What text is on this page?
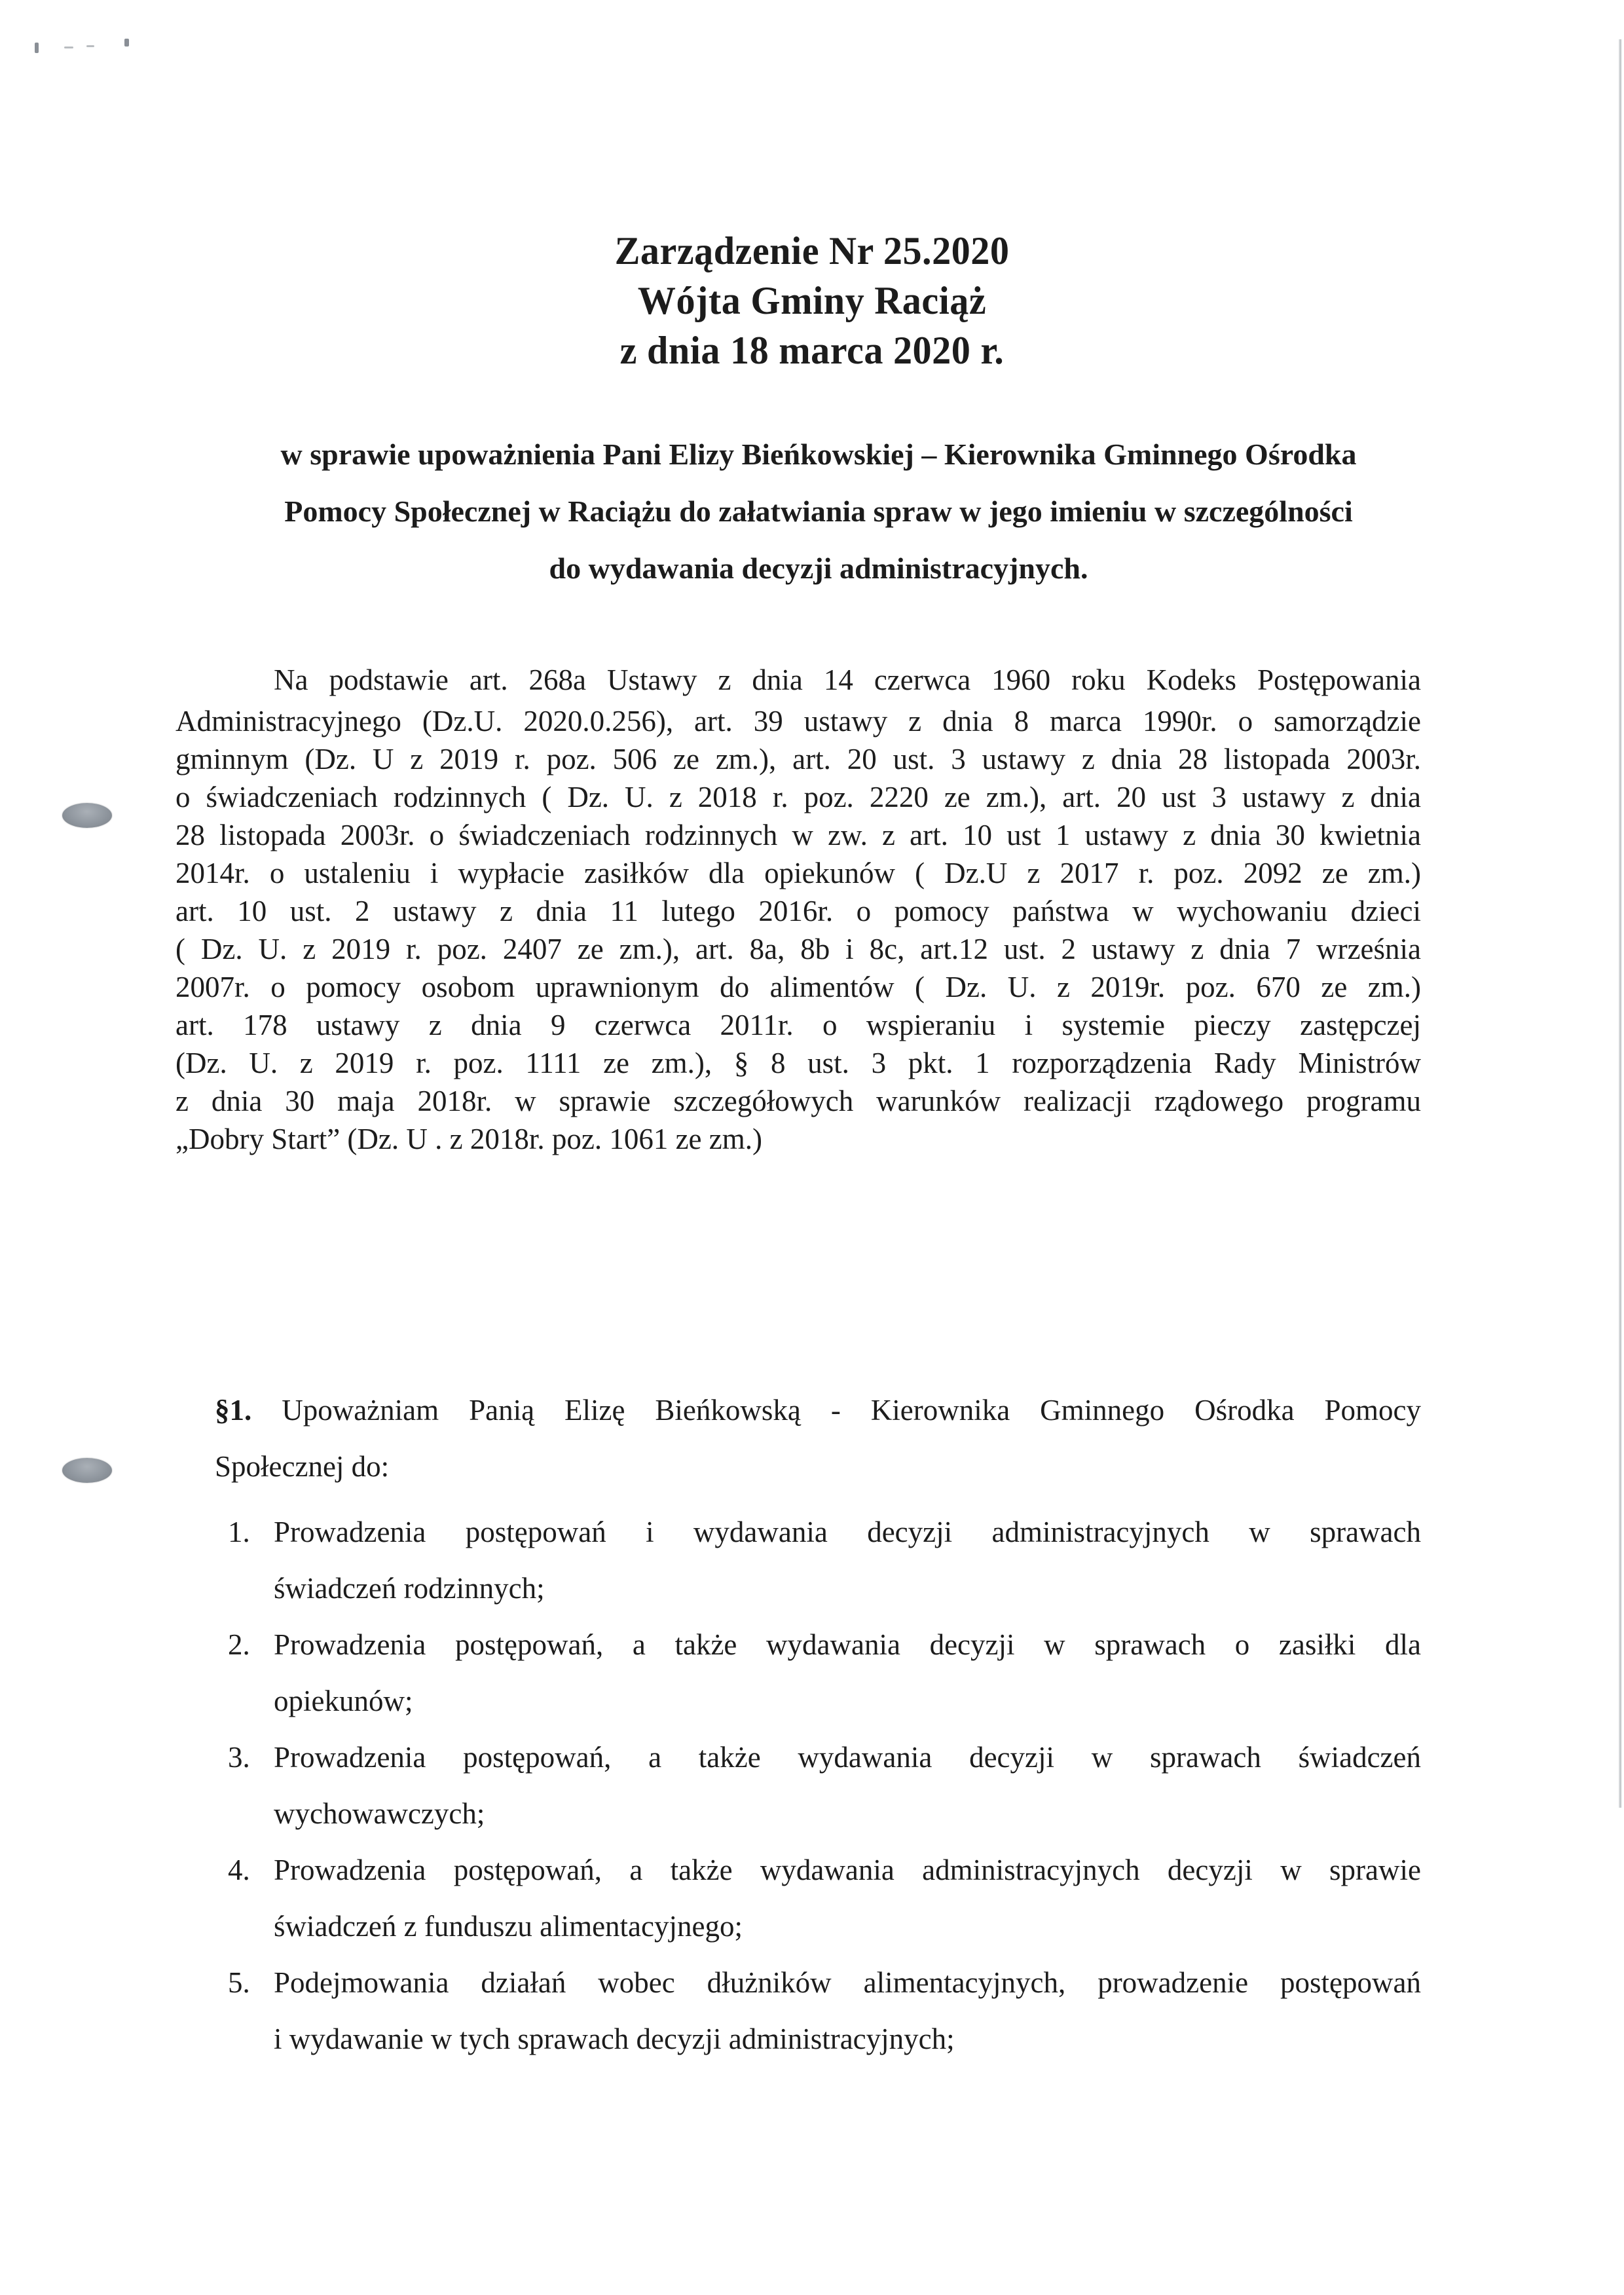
Zarządzenie Nr 25.2020
Wójta Gminy Raciąż
z dnia 18 marca 2020 r.
w sprawie upoważnienia Pani Elizy Bieńkowskiej – Kierownika Gminnego Ośrodka
Pomocy Społecznej w Raciążu do załatwiania spraw w jego imieniu w szczególności
do wydawania decyzji administracyjnych.
Na podstawie art. 268a Ustawy z dnia 14 czerwca 1960 roku Kodeks Postępowania
Administracyjnego (Dz.U. 2020.0.256), art. 39 ustawy z dnia 8 marca 1990r. o samorządzie
gminnym (Dz. U z 2019 r. poz. 506 ze zm.), art. 20 ust. 3 ustawy z dnia 28 listopada 2003r.
o świadczeniach rodzinnych ( Dz. U. z 2018 r. poz. 2220 ze zm.), art. 20 ust 3 ustawy z dnia
28 listopada 2003r. o świadczeniach rodzinnych w zw. z art. 10 ust 1 ustawy z dnia 30 kwietnia
2014r. o ustaleniu i wypłacie zasiłków dla opiekunów ( Dz.U z 2017 r. poz. 2092 ze zm.)
art. 10 ust. 2 ustawy z dnia 11 lutego 2016r. o pomocy państwa w wychowaniu dzieci
( Dz. U. z 2019 r. poz. 2407 ze zm.), art. 8a, 8b i 8c, art.12 ust. 2 ustawy z dnia 7 września
2007r. o pomocy osobom uprawnionym do alimentów ( Dz. U. z 2019r. poz. 670 ze zm.)
art. 178 ustawy z dnia 9 czerwca 2011r. o wspieraniu i systemie pieczy zastępczej
(Dz. U. z 2019 r. poz. 1111 ze zm.), § 8 ust. 3 pkt. 1 rozporządzenia Rady Ministrów
z dnia 30 maja 2018r. w sprawie szczegółowych warunków realizacji rządowego programu
„Dobry Start” (Dz. U . z 2018r. poz. 1061 ze zm.)
§1. Upoważniam Panią Elizę Bieńkowską - Kierownika Gminnego Ośrodka Pomocy
Społecznej do:
1. Prowadzenia postępowań i wydawania decyzji administracyjnych w sprawach
świadczeń rodzinnych;
2. Prowadzenia postępowań, a także wydawania decyzji w sprawach o zasiłki dla
opiekunów;
3. Prowadzenia postępowań, a także wydawania decyzji w sprawach świadczeń
wychowawczych;
4. Prowadzenia postępowań, a także wydawania administracyjnych decyzji w sprawie
świadczeń z funduszu alimentacyjnego;
5. Podejmowania działań wobec dłużników alimentacyjnych, prowadzenie postępowań
i wydawanie w tych sprawach decyzji administracyjnych;
